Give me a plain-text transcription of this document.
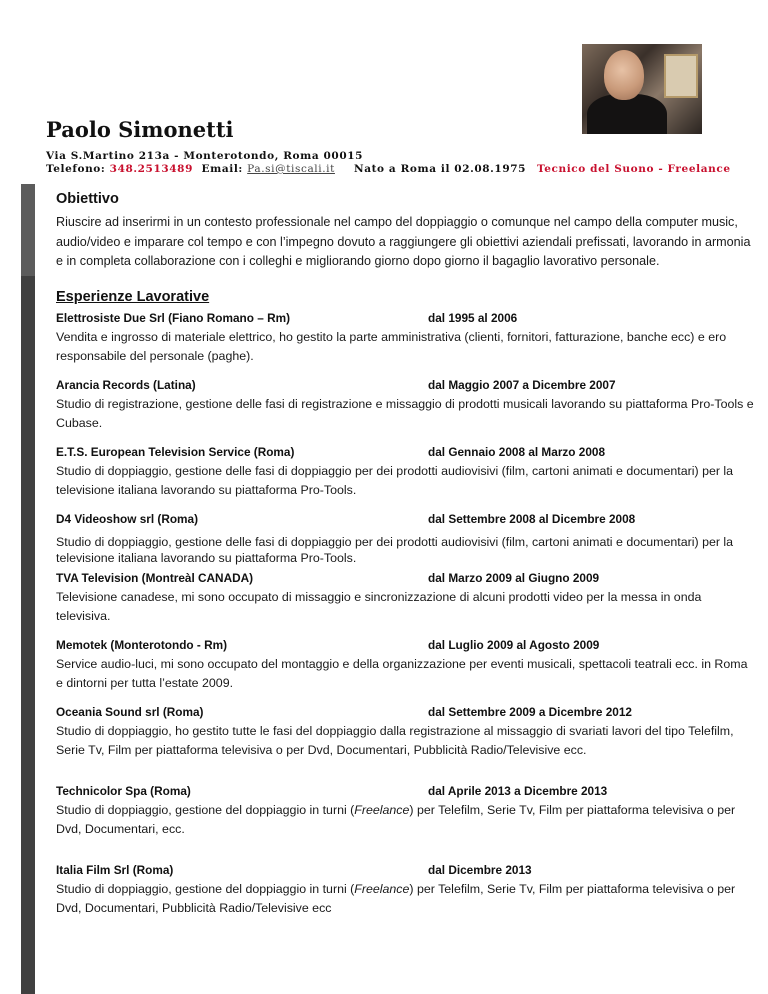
Paolo Simonetti

Via S.Martino 213a - Monterotondo, Roma 00015

Telefono: 348.2513489 Email: Pa.si@tiscali.it Nato a Roma il 02.08.1975 Tecnico del Suono - Freelance

Obiettivo

Riuscire ad inserirmi in un contesto professionale nel campo del doppiaggio o comunque nel campo della computer music, audio/video e imparare col tempo e con l’impegno dovuto a raggiungere gli obiettivi aziendali prefissati, lavorando in armonia e in completa collaborazione con i colleghi e migliorando giorno dopo giorno il bagaglio lavorativo personale.

Esperienze Lavorative
Elettrosiste Due Srl (Fiano Romano – Rm)	dal 1995 al 2006

Vendita e ingrosso di materiale elettrico, ho gestito la parte amministrativa (clienti, fornitori, fatturazione, banche ecc) e ero responsabile del personale (paghe).

Arancia Records (Latina)	dal Maggio 2007 a Dicembre 2007

Studio di registrazione, gestione delle fasi di registrazione e missaggio di prodotti musicali lavorando su piattaforma Pro-Tools e Cubase.

E.T.S. European Television Service (Roma)	dal Gennaio 2008 al Marzo 2008

Studio di doppiaggio, gestione delle fasi di doppiaggio per dei prodotti audiovisivi (film, cartoni animati e documentari) per la televisione italiana lavorando su piattaforma Pro-Tools.

D4 Videoshow srl (Roma)	dal Settembre 2008 al Dicembre 2008

Studio di doppiaggio, gestione delle fasi di doppiaggio per dei prodotti audiovisivi (film, cartoni animati e documentari) per la televisione italiana lavorando su piattaforma Pro-Tools.

TVA Television (Montreàl CANADA)	dal Marzo 2009 al Giugno 2009

Televisione canadese, mi sono occupato di missaggio e sincronizzazione di alcuni prodotti video per la messa in onda televisiva.

Memotek (Monterotondo - Rm)	dal Luglio 2009 al Agosto 2009

Service audio-luci, mi sono occupato del montaggio e della organizzazione per eventi musicali, spettacoli teatrali ecc. in Roma e dintorni per tutta l’estate 2009.

Oceania Sound srl (Roma)	dal Settembre 2009 a Dicembre 2012

Studio di doppiaggio, ho gestito tutte le fasi del doppiaggio dalla registrazione al missaggio di svariati lavori del tipo Telefilm, Serie Tv, Film per piattaforma televisiva o per Dvd, Documentari, Pubblicità Radio/Televisive ecc.

Technicolor Spa (Roma)	dal Aprile 2013 a Dicembre 2013

Studio di doppiaggio, gestione del doppiaggio in turni (Freelance) per Telefilm, Serie Tv, Film per piattaforma televisiva o per Dvd, Documentari, ecc.

Italia Film Srl (Roma)	dal Dicembre 2013

Studio di doppiaggio, gestione del doppiaggio in turni (Freelance) per Telefilm, Serie Tv, Film per piattaforma televisiva o per Dvd, Documentari, Pubblicità Radio/Televisive ecc
